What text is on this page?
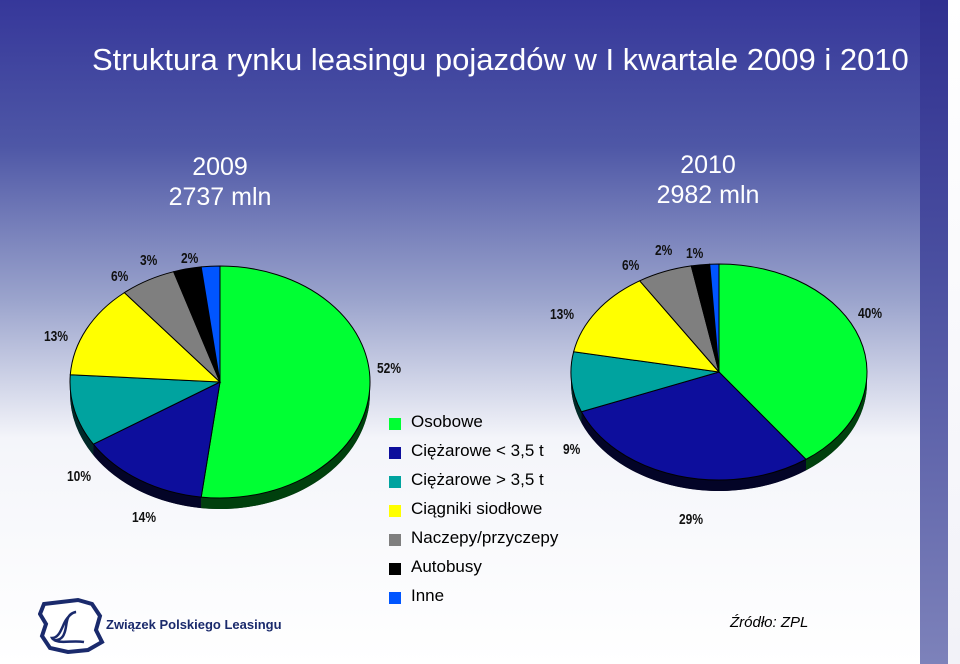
Struktura rynku leasingu pojazdów w I kwartale 2009 i 2010
2009
2737 mln
2010
2982 mln
52%
14%
10%
13%
6%
3% 2%
40%
29%
9%
13%
6%
2% 1%
Osobowe
Ciężarowe < 3,5 t
Ciężarowe > 3,5 t
Ciągniki siodłowe
Naczepy/przyczepy
Autobusy
Inne
Związek Polskiego Leasingu	Źródło: ZPL
